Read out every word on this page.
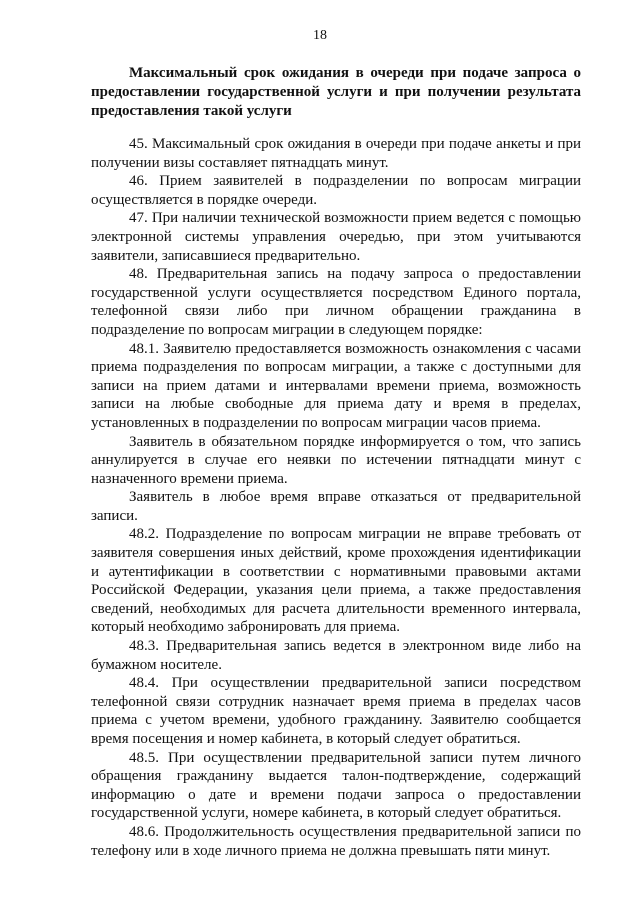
18
Максимальный срок ожидания в очереди при подаче запроса о предоставлении государственной услуги и при получении результата предоставления такой услуги

45. Максимальный срок ожидания в очереди при подаче анкеты и при получении визы составляет пятнадцать минут.

46. Прием заявителей в подразделении по вопросам миграции осуществляется в порядке очереди.

47. При наличии технической возможности прием ведется с помощью электронной системы управления очередью, при этом учитываются заявители, записавшиеся предварительно.

48. Предварительная запись на подачу запроса о предоставлении государственной услуги осуществляется посредством Единого портала, телефонной связи либо при личном обращении гражданина в подразделение по вопросам миграции в следующем порядке:

48.1. Заявителю предоставляется возможность ознакомления с часами приема подразделения по вопросам миграции, а также с доступными для записи на прием датами и интервалами времени приема, возможность записи на любые свободные для приема дату и время в пределах, установленных в подразделении по вопросам миграции часов приема.

Заявитель в обязательном порядке информируется о том, что запись аннулируется в случае его неявки по истечении пятнадцати минут с назначенного времени приема.

Заявитель в любое время вправе отказаться от предварительной записи.

48.2. Подразделение по вопросам миграции не вправе требовать от заявителя совершения иных действий, кроме прохождения идентификации и аутентификации в соответствии с нормативными правовыми актами Российской Федерации, указания цели приема, а также предоставления сведений, необходимых для расчета длительности временного интервала, который необходимо забронировать для приема.

48.3. Предварительная запись ведется в электронном виде либо на бумажном носителе.

48.4. При осуществлении предварительной записи посредством телефонной связи сотрудник назначает время приема в пределах часов приема с учетом времени, удобного гражданину. Заявителю сообщается время посещения и номер кабинета, в который следует обратиться.

48.5. При осуществлении предварительной записи путем личного обращения гражданину выдается талон-подтверждение, содержащий информацию о дате и времени подачи запроса о предоставлении государственной услуги, номере кабинета, в который следует обратиться.

48.6. Продолжительность осуществления предварительной записи по телефону или в ходе личного приема не должна превышать пяти минут.
